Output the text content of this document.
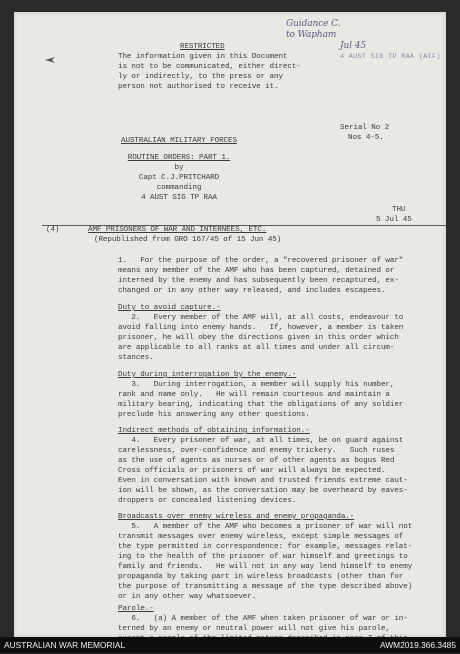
Guidance C.
to Wapham
Jul 45
4 AUST SIG TP RAA (AIF)
RESTRICTED
The information given in this Document
is not to be communicated, either direct-
ly or indirectly, to the press or any
person not authorised to receive it.
Serial No 2
Nos 4-5.
AUSTRALIAN MILITARY FORCES
ROUTINE ORDERS: PART 1.
by
Capt C.J.PRITCHARD
commanding
4 AUST SIG TP RAA
THU
5 Jul 45
(4)	AMF PRISONERS OF WAR AND INTERNEES, ETC.
(Republished from GRO 167/45 of 15 Jun 45)
1.   For the purpose of the order, a "recovered prisoner of war"
means any member of the AMF who has been captured, detained or
interned by the enemy and has subsequently been recaptured, ex-
changed or in any other way released, and includes escapees.
Duty to avoid capture.-
2.   Every member of the AMF will, at all costs, endeavour to
avoid falling into enemy hands.   If, however, a member is taken
prisoner, he will obey the directions given in this order which
are applicable to all ranks at all times and under all circum-
stances.
Duty during interrogation by the enemy.-
3.   During interrogation, a member will supply his number,
rank and name only.   He will remain courteous and maintain a
military bearing, indicating that the obligations of any soldier
preclude his answering any other questions.
Indirect methods of obtaining information.-
4.   Every prisoner of war, at all times, be on guard against
carelessness, over-confidence and enemy trickery.   Such ruses
as the use of agents as nurses or of other agents as bogus Red
Cross officials or prisoners of war will always be expected.
Even in conversation with known and trusted friends extreme caut-
ion will be shown, as the conversation may be overheard by eaves-
droppers or concealed listening devices.
Broadcasts over enemy wireless and enemy propaganda.-
5.   A member of the AMF who becomes a prisoner of war will not
transmit messages over enemy wireless, except simple messages of
the type permitted in correspondence: for example, messages relat-
ing to the health of the prisoner of war himself and greetings to
family and friends.   He will not in any way lend himself to enemy
propaganda by taking part in wireless broadcasts (other than for
the purpose of transmitting a message of the type described above)
or in any other way whatsoever.
Parole.-
6.   (a) A member of the AMF when taken prisoner of war or in-
terned by an enemy or neutral power will not give his parole,
AUSTRALIAN WAR MEMORIAL	AWM2019.366.3485
